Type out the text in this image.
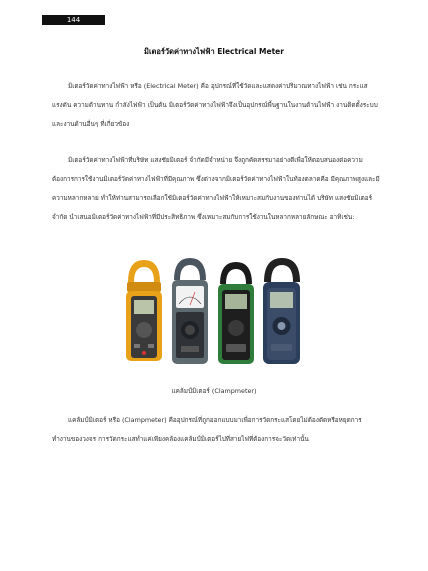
144
มิเตอร์วัดค่าทางไฟฟ้า Electrical Meter
มิเตอร์วัดค่าทางไฟฟ้า หรือ (Electrical Meter) คือ อุปกรณ์ที่ใช้วัดและแสดงค่าปริมาณทางไฟฟ้า เช่น กระแส แรงดัน ความต้านทาน กำลังไฟฟ้า เป็นต้น มิเตอร์วัดค่าทางไฟฟ้าจึงเป็นอุปกรณ์พื้นฐานในงานด้านไฟฟ้า งานติดตั้งระบบ และงานด้านอื่นๆ ที่เกี่ยวข้อง
มิเตอร์วัดค่าทางไฟฟ้าที่บริษัท แสงชัยมิเตอร์ จำกัดมีจำหน่าย จึงถูกคัดสรรมาอย่างดีเพื่อให้ตอบสนองต่อความต้องการการใช้งานมิเตอร์วัดค่าทางไฟฟ้าที่มีคุณภาพ ซึ่งต่างจากมิเตอร์วัดค่าทางไฟฟ้าในท้องตลาดคือ มีคุณภาพสูงและมีความหลากหลาย ทำให้ท่านสามารถเลือกใช้มิเตอร์วัดค่าทางไฟฟ้าให้เหมาะสมกับงานของท่านได้ บริษัท แสงชัยมิเตอร์ จำกัด นำเสนอมิเตอร์วัดค่าทางไฟฟ้าที่มีประสิทธิภาพ ซึ่งเหมาะสมกับการใช้งานในหลากหลายลักษณะ อาทิเช่น:
แคล้มป์มิเตอร์ (Clampmeter)
แคล้มป์มิเตอร์ หรือ (Clampmeter) คืออุปกรณ์ที่ถูกออกแบบมาเพื่อการวัดกระแสโดยไม่ต้องตัดหรือหยุดการทำงานของวงจร การวัดกระแสทำแค่เพียงคล้องแคล้มป์มิเตอร์ไปที่สายไฟที่ต้องการจะวัดเท่านั้น
